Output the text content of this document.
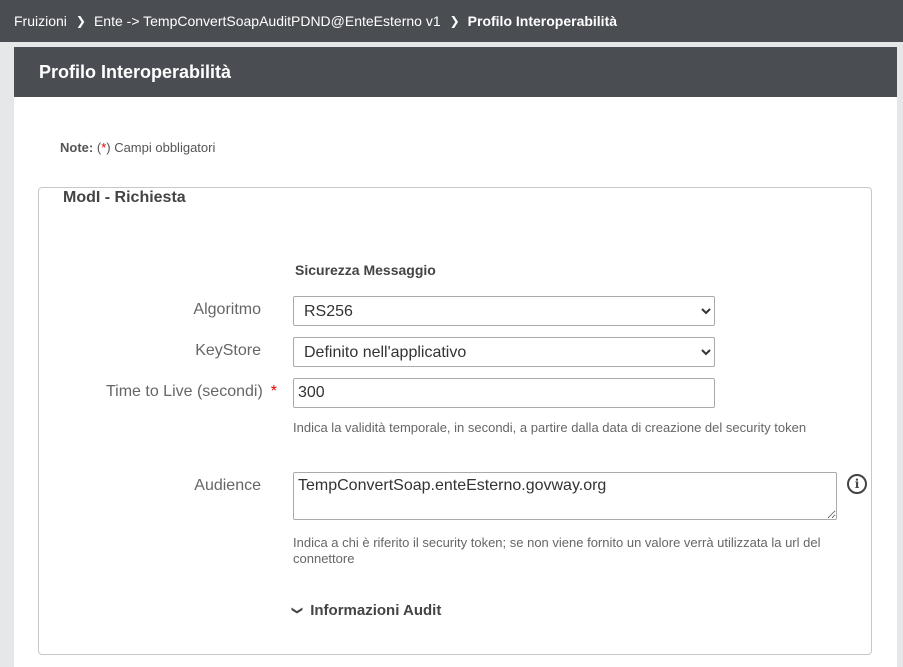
Fruizioni ❯ Ente -> TempConvertSoapAuditPDND@EnteEsterno v1 ❯ Profilo Interoperabilità
Profilo Interoperabilità
Note: (*) Campi obbligatori
ModI - Richiesta
Sicurezza Messaggio
Algoritmo
RS256
KeyStore
Definito nell'applicativo
Time to Live (secondi) *
300
Indica la validità temporale, in secondi, a partire dalla data di creazione del security token
Audience
TempConvertSoap.enteEsterno.govway.org	i
Indica a chi è riferito il security token; se non viene fornito un valore verrà utilizzata la url del connettore
❯ Informazioni Audit
